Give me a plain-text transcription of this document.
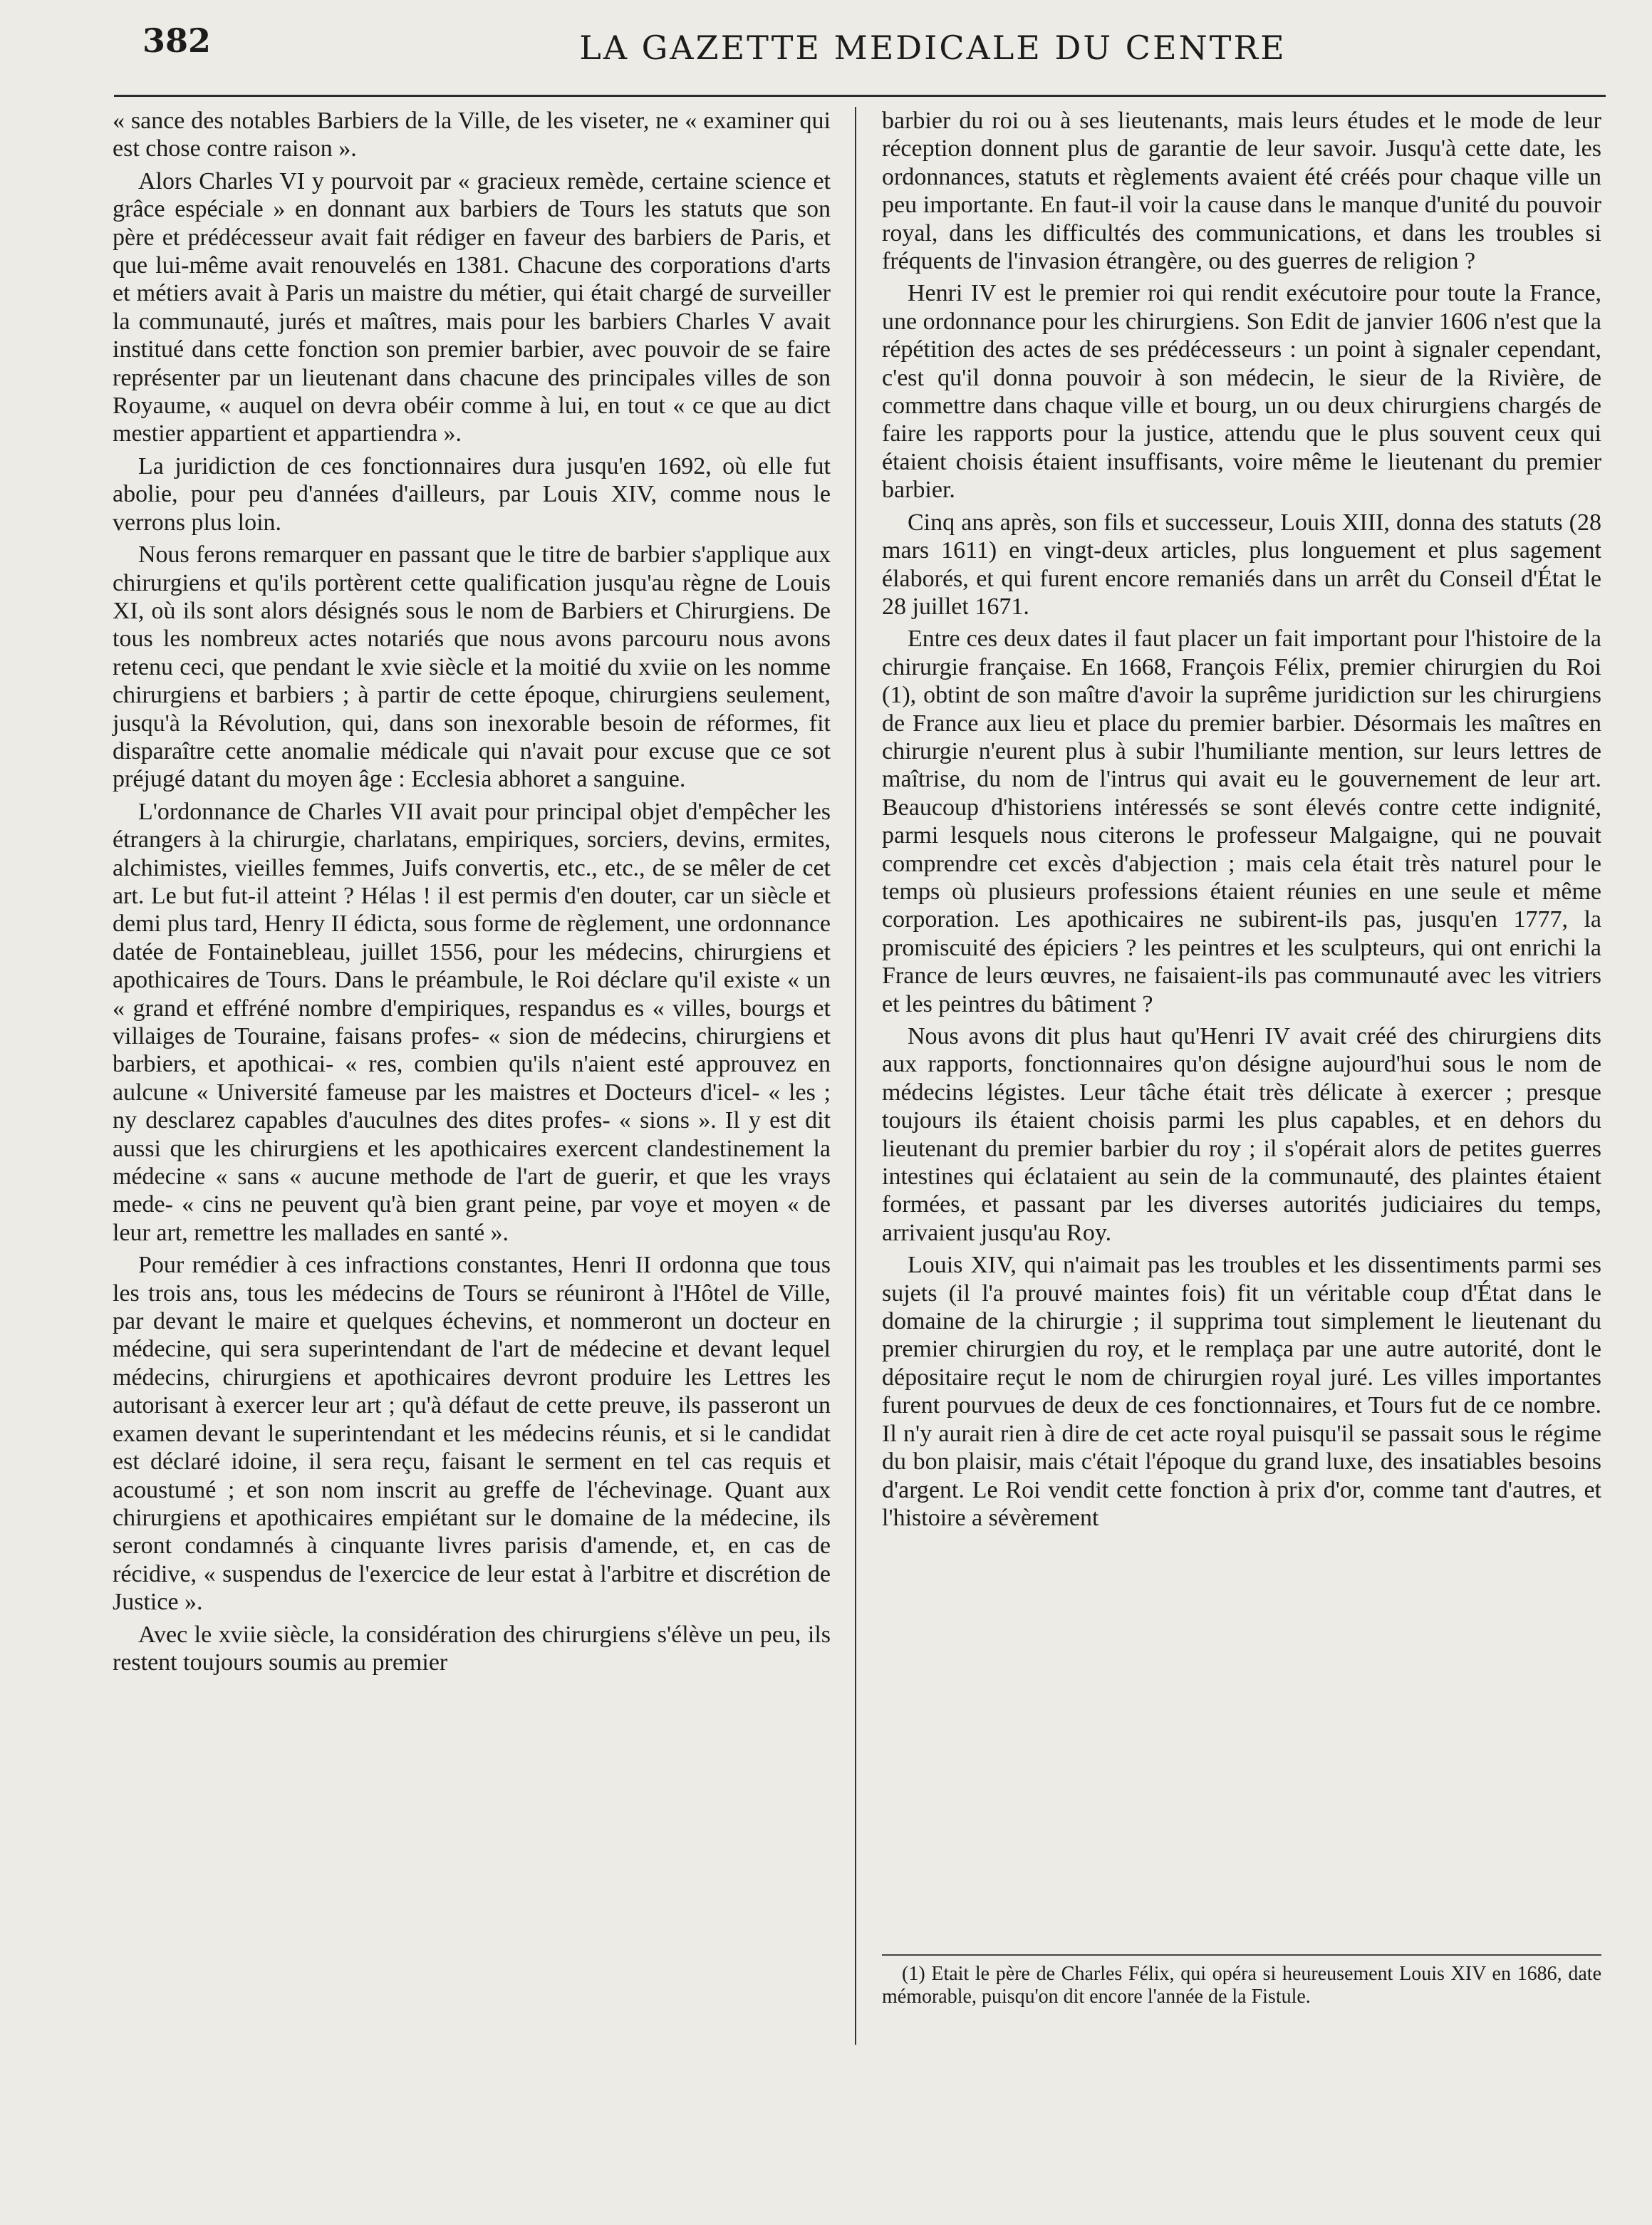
382	LA GAZETTE MEDICALE DU CENTRE

« sance des notables Barbiers de la Ville, de les viseter, ne « examiner qui est chose contre raison ».

Alors Charles VI y pourvoit par « gracieux remède, certaine science et grâce espéciale » en donnant aux barbiers de Tours les statuts que son père et prédécesseur avait fait rédiger en faveur des barbiers de Paris, et que lui-même avait renouvelés en 1381. Chacune des corporations d'arts et métiers avait à Paris un maistre du métier, qui était chargé de surveiller la communauté, jurés et maîtres, mais pour les barbiers Charles V avait institué dans cette fonction son premier barbier, avec pouvoir de se faire représenter par un lieutenant dans chacune des principales villes de son Royaume, « auquel on devra obéir comme à lui, en tout « ce que au dict mestier appartient et appartiendra ».

La juridiction de ces fonctionnaires dura jusqu'en 1692, où elle fut abolie, pour peu d'années d'ailleurs, par Louis XIV, comme nous le verrons plus loin.

Nous ferons remarquer en passant que le titre de barbier s'applique aux chirurgiens et qu'ils portèrent cette qualification jusqu'au règne de Louis XI, où ils sont alors désignés sous le nom de Barbiers et Chirurgiens. De tous les nombreux actes notariés que nous avons parcouru nous avons retenu ceci, que pendant le xvie siècle et la moitié du xviie on les nomme chirurgiens et barbiers ; à partir de cette époque, chirurgiens seulement, jusqu'à la Révolution, qui, dans son inexorable besoin de réformes, fit disparaître cette anomalie médicale qui n'avait pour excuse que ce sot préjugé datant du moyen âge : Ecclesia abhoret a sanguine.

L'ordonnance de Charles VII avait pour principal objet d'empêcher les étrangers à la chirurgie, charlatans, empiriques, sorciers, devins, ermites, alchimistes, vieilles femmes, Juifs convertis, etc., etc., de se mêler de cet art. Le but fut-il atteint ? Hélas ! il est permis d'en douter, car un siècle et demi plus tard, Henry II édicta, sous forme de règlement, une ordonnance datée de Fontainebleau, juillet 1556, pour les médecins, chirurgiens et apothicaires de Tours. Dans le préambule, le Roi déclare qu'il existe « un « grand et effréné nombre d'empiriques, respandus es « villes, bourgs et villaiges de Touraine, faisans profes- « sion de médecins, chirurgiens et barbiers, et apothicai- « res, combien qu'ils n'aient esté approuvez en aulcune « Université fameuse par les maistres et Docteurs d'icel- « les ; ny desclarez capables d'auculnes des dites profes- « sions ». Il y est dit aussi que les chirurgiens et les apothicaires exercent clandestinement la médecine « sans « aucune methode de l'art de guerir, et que les vrays mede- « cins ne peuvent qu'à bien grant peine, par voye et moyen « de leur art, remettre les mallades en santé ».

Pour remédier à ces infractions constantes, Henri II ordonna que tous les trois ans, tous les médecins de Tours se réuniront à l'Hôtel de Ville, par devant le maire et quelques échevins, et nommeront un docteur en médecine, qui sera superintendant de l'art de médecine et devant lequel médecins, chirurgiens et apothicaires devront produire les Lettres les autorisant à exercer leur art ; qu'à défaut de cette preuve, ils passeront un examen devant le superintendant et les médecins réunis, et si le candidat est déclaré idoine, il sera reçu, faisant le serment en tel cas requis et acoustumé ; et son nom inscrit au greffe de l'échevinage. Quant aux chirurgiens et apothicaires empiétant sur le domaine de la médecine, ils seront condamnés à cinquante livres parisis d'amende, et, en cas de récidive, « suspendus de l'exercice de leur estat à l'arbitre et discrétion de Justice ».

Avec le xviie siècle, la considération des chirurgiens s'élève un peu, ils restent toujours soumis au premier

barbier du roi ou à ses lieutenants, mais leurs études et le mode de leur réception donnent plus de garantie de leur savoir. Jusqu'à cette date, les ordonnances, statuts et règlements avaient été créés pour chaque ville un peu importante. En faut-il voir la cause dans le manque d'unité du pouvoir royal, dans les difficultés des communications, et dans les troubles si fréquents de l'invasion étrangère, ou des guerres de religion ?

Henri IV est le premier roi qui rendit exécutoire pour toute la France, une ordonnance pour les chirurgiens. Son Edit de janvier 1606 n'est que la répétition des actes de ses prédécesseurs : un point à signaler cependant, c'est qu'il donna pouvoir à son médecin, le sieur de la Rivière, de commettre dans chaque ville et bourg, un ou deux chirurgiens chargés de faire les rapports pour la justice, attendu que le plus souvent ceux qui étaient choisis étaient insuffisants, voire même le lieutenant du premier barbier.

Cinq ans après, son fils et successeur, Louis XIII, donna des statuts (28 mars 1611) en vingt-deux articles, plus longuement et plus sagement élaborés, et qui furent encore remaniés dans un arrêt du Conseil d'État le 28 juillet 1671.

Entre ces deux dates il faut placer un fait important pour l'histoire de la chirurgie française. En 1668, François Félix, premier chirurgien du Roi (1), obtint de son maître d'avoir la suprême juridiction sur les chirurgiens de France aux lieu et place du premier barbier. Désormais les maîtres en chirurgie n'eurent plus à subir l'humiliante mention, sur leurs lettres de maîtrise, du nom de l'intrus qui avait eu le gouvernement de leur art. Beaucoup d'historiens intéressés se sont élevés contre cette indignité, parmi lesquels nous citerons le professeur Malgaigne, qui ne pouvait comprendre cet excès d'abjection ; mais cela était très naturel pour le temps où plusieurs professions étaient réunies en une seule et même corporation. Les apothicaires ne subirent-ils pas, jusqu'en 1777, la promiscuité des épiciers ? les peintres et les sculpteurs, qui ont enrichi la France de leurs œuvres, ne faisaient-ils pas communauté avec les vitriers et les peintres du bâtiment ?

Nous avons dit plus haut qu'Henri IV avait créé des chirurgiens dits aux rapports, fonctionnaires qu'on désigne aujourd'hui sous le nom de médecins légistes. Leur tâche était très délicate à exercer ; presque toujours ils étaient choisis parmi les plus capables, et en dehors du lieutenant du premier barbier du roy ; il s'opérait alors de petites guerres intestines qui éclataient au sein de la communauté, des plaintes étaient formées, et passant par les diverses autorités judiciaires du temps, arrivaient jusqu'au Roy.

Louis XIV, qui n'aimait pas les troubles et les dissentiments parmi ses sujets (il l'a prouvé maintes fois) fit un véritable coup d'État dans le domaine de la chirurgie ; il supprima tout simplement le lieutenant du premier chirurgien du roy, et le remplaça par une autre autorité, dont le dépositaire reçut le nom de chirurgien royal juré. Les villes importantes furent pourvues de deux de ces fonctionnaires, et Tours fut de ce nombre. Il n'y aurait rien à dire de cet acte royal puisqu'il se passait sous le régime du bon plaisir, mais c'était l'époque du grand luxe, des insatiables besoins d'argent. Le Roi vendit cette fonction à prix d'or, comme tant d'autres, et l'histoire a sévèrement

(1) Etait le père de Charles Félix, qui opéra si heureusement Louis XIV en 1686, date mémorable, puisqu'on dit encore l'année de la Fistule.
